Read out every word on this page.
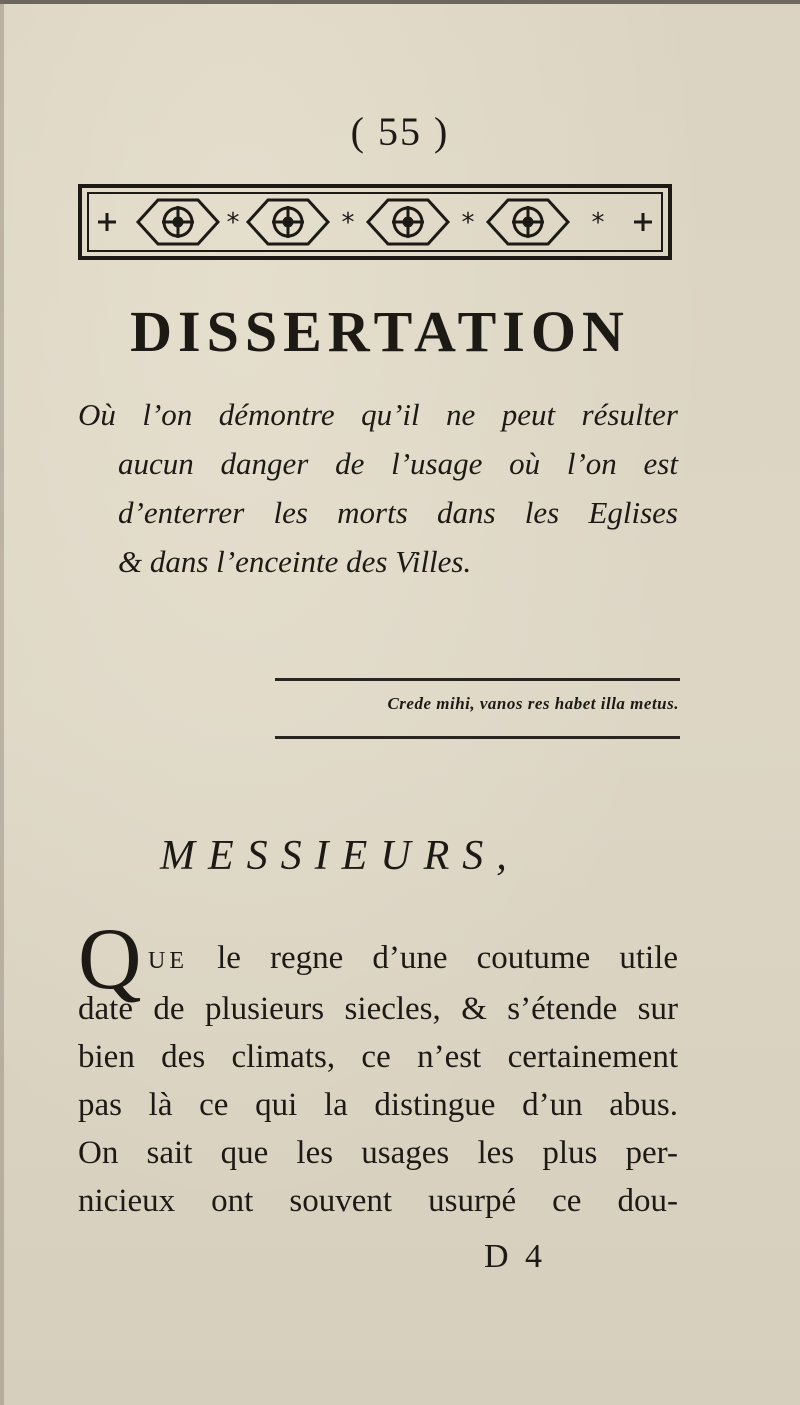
( 55 )
*	*	*	*
DISSERTATION
Où l’on démontre qu’il ne peut résulter
aucun danger de l’usage où l’on est
d’enterrer les morts dans les Eglises
& dans l’enceinte des Villes.
Crede mihi, vanos res habet illa metus.
MESSIEURS,
Q UE le regne d’une coutume utile
date de plusieurs siecles, & s’étende sur
bien des climats, ce n’est certainement
pas là ce qui la distingue d’un abus.
On sait que les usages les plus per-
nicieux ont souvent usurpé ce dou-
D 4
